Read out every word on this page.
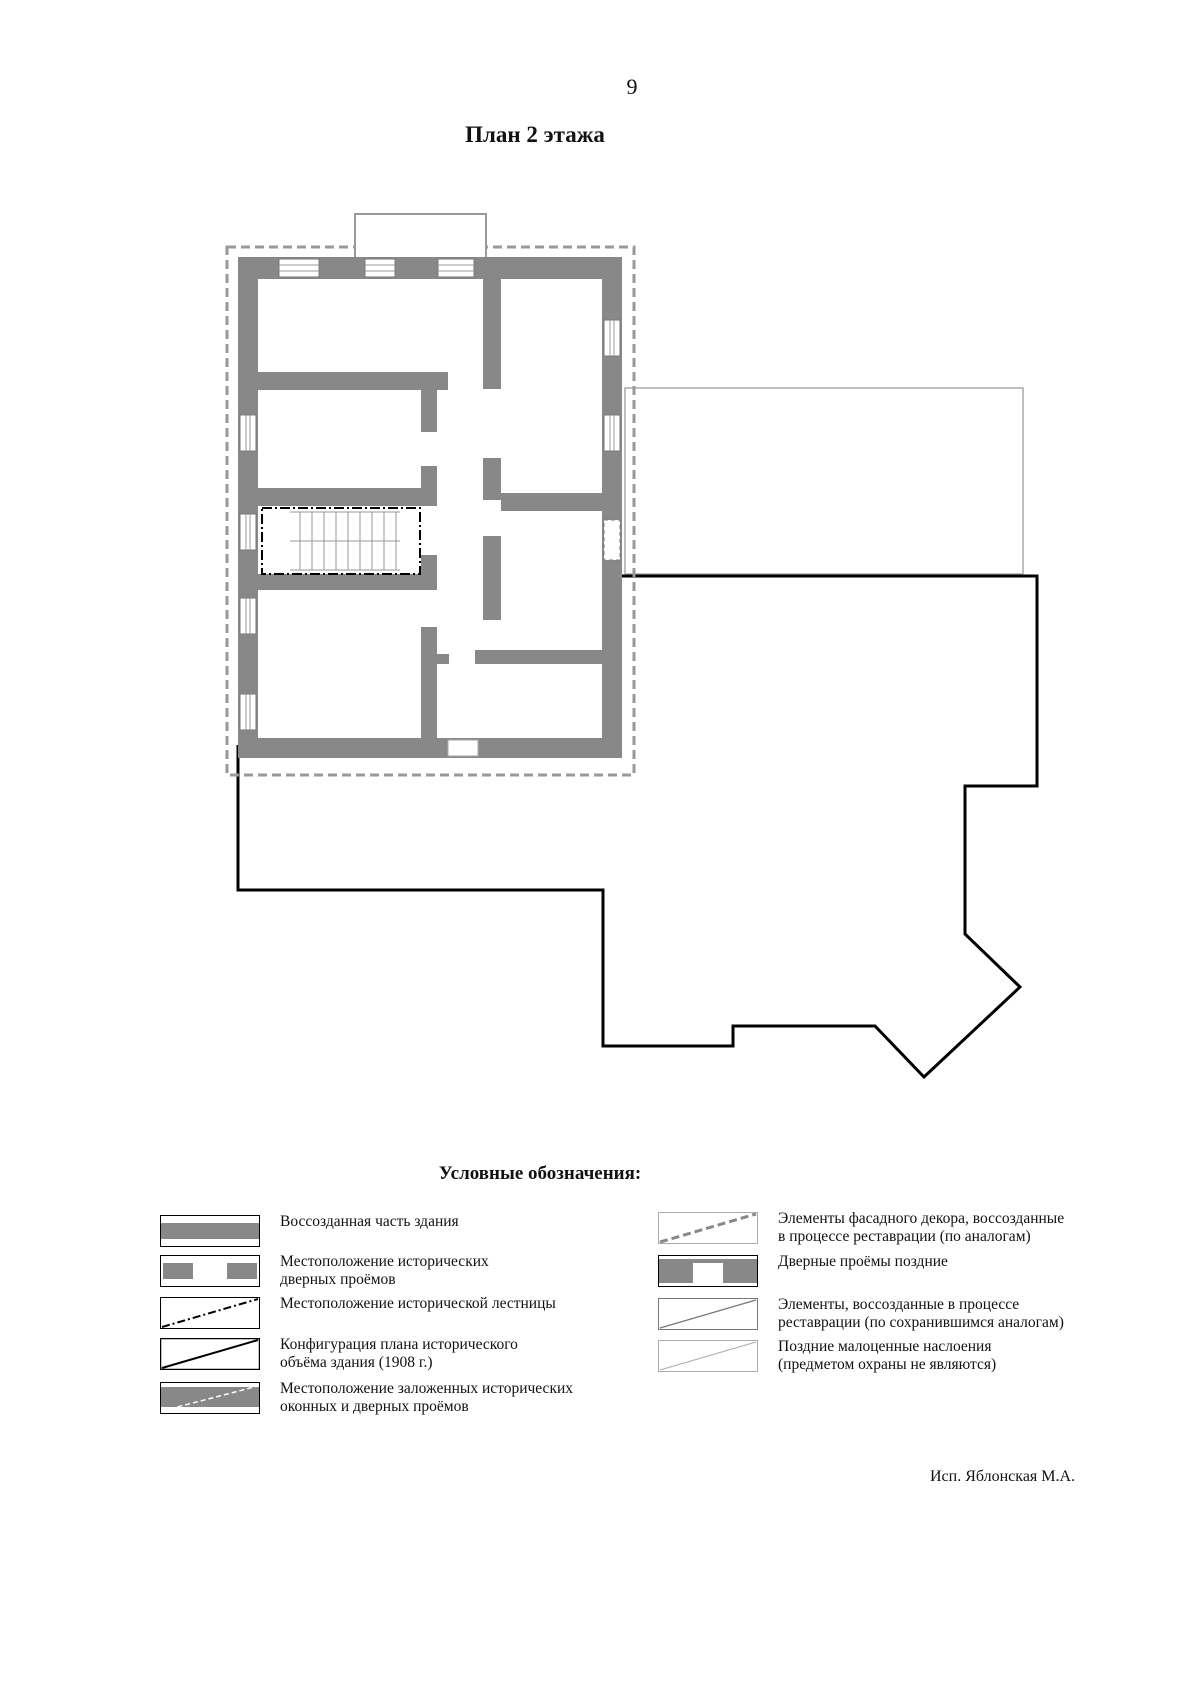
9
План 2 этажа
Условные обозначения:
Воссозданная часть здания
Местоположение исторических
дверных проёмов
Местоположение исторической лестницы
Конфигурация плана исторического
объёма здания (1908 г.)
Местоположение заложенных исторических
оконных и дверных проёмов
Элементы фасадного декора, воссозданные
в процессе реставрации (по аналогам)
Дверные проёмы поздние
Элементы, воссозданные в процессе
реставрации (по сохранившимся аналогам)
Поздние малоценные наслоения
(предметом охраны не являются)
Исп. Яблонская М.А.
